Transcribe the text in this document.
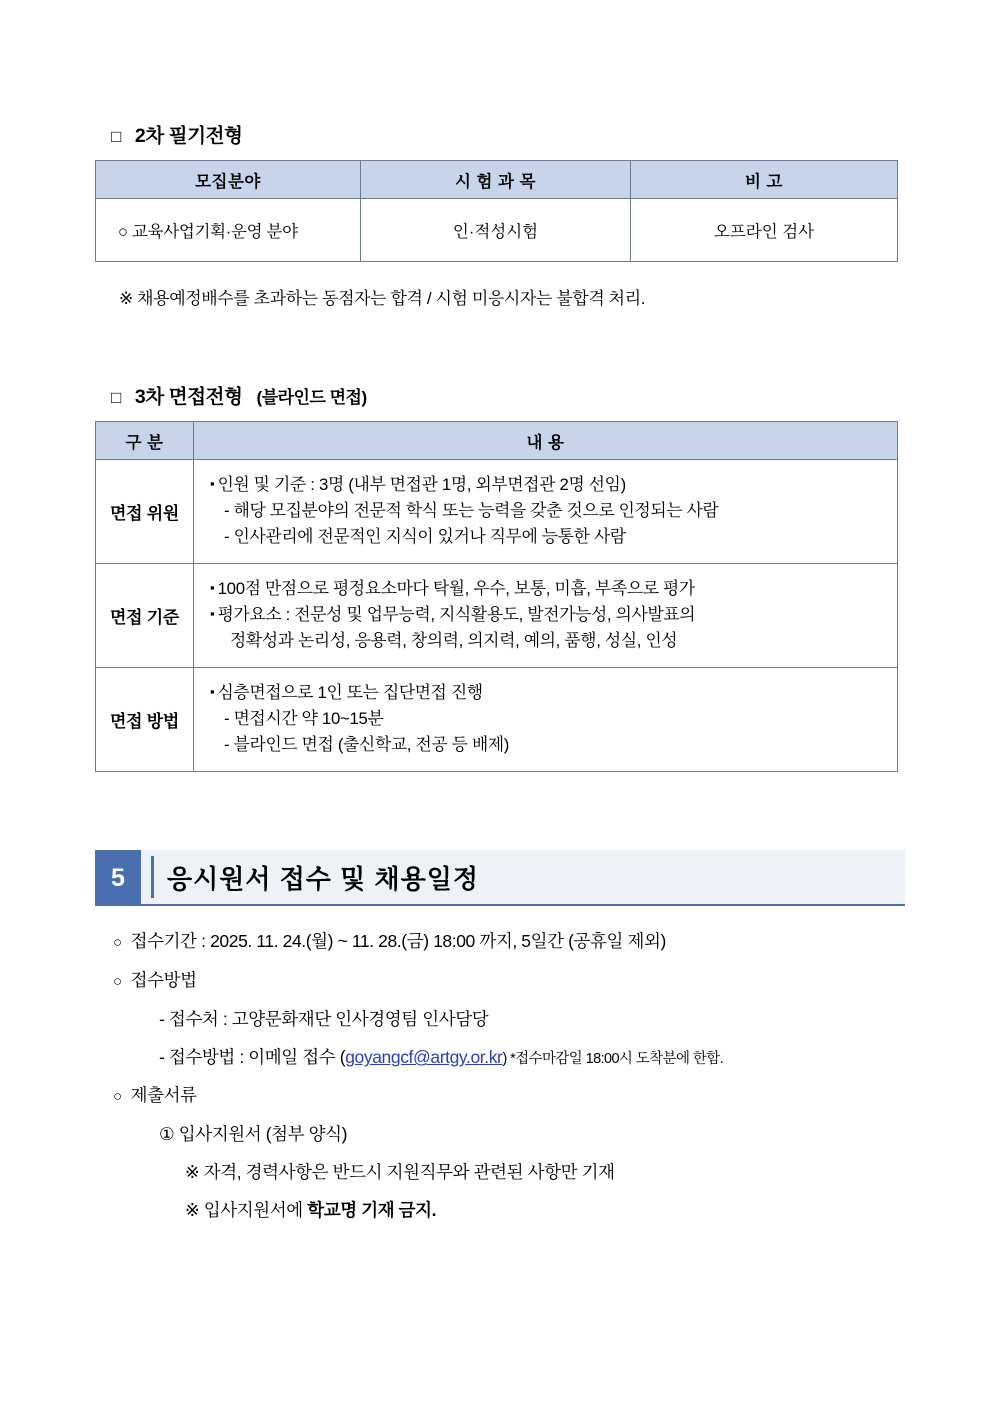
□ 2차 필기전형
모집분야	시 험 과 목	비 고
○ 교육사업기획·운영 분야	인·적성시험	오프라인 검사
※ 채용예정배수를 초과하는 동점자는 합격 / 시험 미응시자는 불합격 처리.
□ 3차 면접전형 (블라인드 면접)
구 분	내 용
면접 위원	▪ 인원 및 기준 : 3명 (내부 면접관 1명, 외부면접관 2명 선임)
- 해당 모집분야의 전문적 학식 또는 능력을 갖춘 것으로 인정되는 사람
- 인사관리에 전문적인 지식이 있거나 직무에 능통한 사람

면접 기준	▪ 100점 만점으로 평정요소마다 탁월, 우수, 보통, 미흡, 부족으로 평가
▪ 평가요소 : 전문성 및 업무능력, 지식활용도, 발전가능성, 의사발표의
정확성과 논리성, 응용력, 창의력, 의지력, 예의, 품행, 성실, 인성

면접 방법	▪ 심층면접으로 1인 또는 집단면접 진행
- 면접시간 약 10~15분
- 블라인드 면접 (출신학교, 전공 등 배제)
5	응시원서 접수 및 채용일정
○ 접수기간 : 2025. 11. 24.(월) ~ 11. 28.(금) 18:00 까지, 5일간 (공휴일 제외)
○ 접수방법
- 접수처 : 고양문화재단 인사경영팀 인사담당
- 접수방법 : 이메일 접수 (goyangcf@artgy.or.kr) *접수마감일 18:00시 도착분에 한함.
○ 제출서류
① 입사지원서 (첨부 양식)
※ 자격, 경력사항은 반드시 지원직무와 관련된 사항만 기재
※ 입사지원서에 학교명 기재 금지.
